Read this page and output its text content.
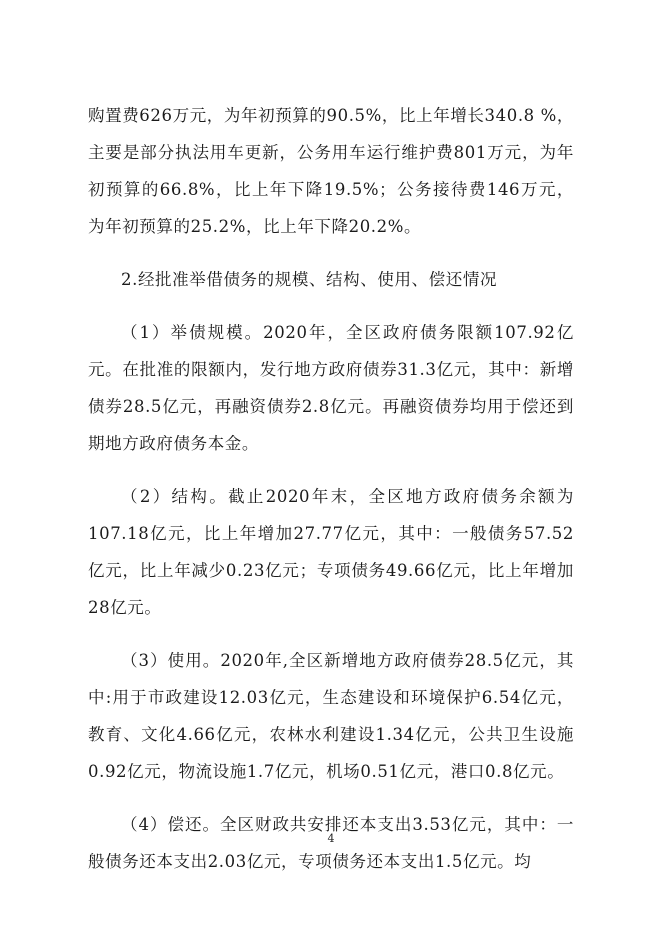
购置费626万元，为年初预算的90.5%，比上年增长340.8 %，主要是部分执法用车更新，公务用车运行维护费801万元，为年初预算的66.8%，比上年下降19.5%；公务接待费146万元，为年初预算的25.2%，比上年下降20.2%。

2.经批准举借债务的规模、结构、使用、偿还情况

（1）举债规模。2020年，全区政府债务限额107.92亿元。在批准的限额内，发行地方政府债券31.3亿元，其中：新增债券28.5亿元，再融资债券2.8亿元。再融资债券均用于偿还到期地方政府债务本金。

（2）结构。截止2020年末，全区地方政府债务余额为107.18亿元，比上年增加27.77亿元，其中：一般债务57.52亿元，比上年减少0.23亿元；专项债务49.66亿元，比上年增加28亿元。

（3）使用。2020年,全区新增地方政府债券28.5亿元，其中:用于市政建设12.03亿元，生态建设和环境保护6.54亿元，教育、文化4.66亿元，农林水利建设1.34亿元，公共卫生设施0.92亿元，物流设施1.7亿元，机场0.51亿元，港口0.8亿元。

（4）偿还。全区财政共安排还本支出3.53亿元，其中：一般债务还本支出2.03亿元，专项债务还本支出1.5亿元。均

4
